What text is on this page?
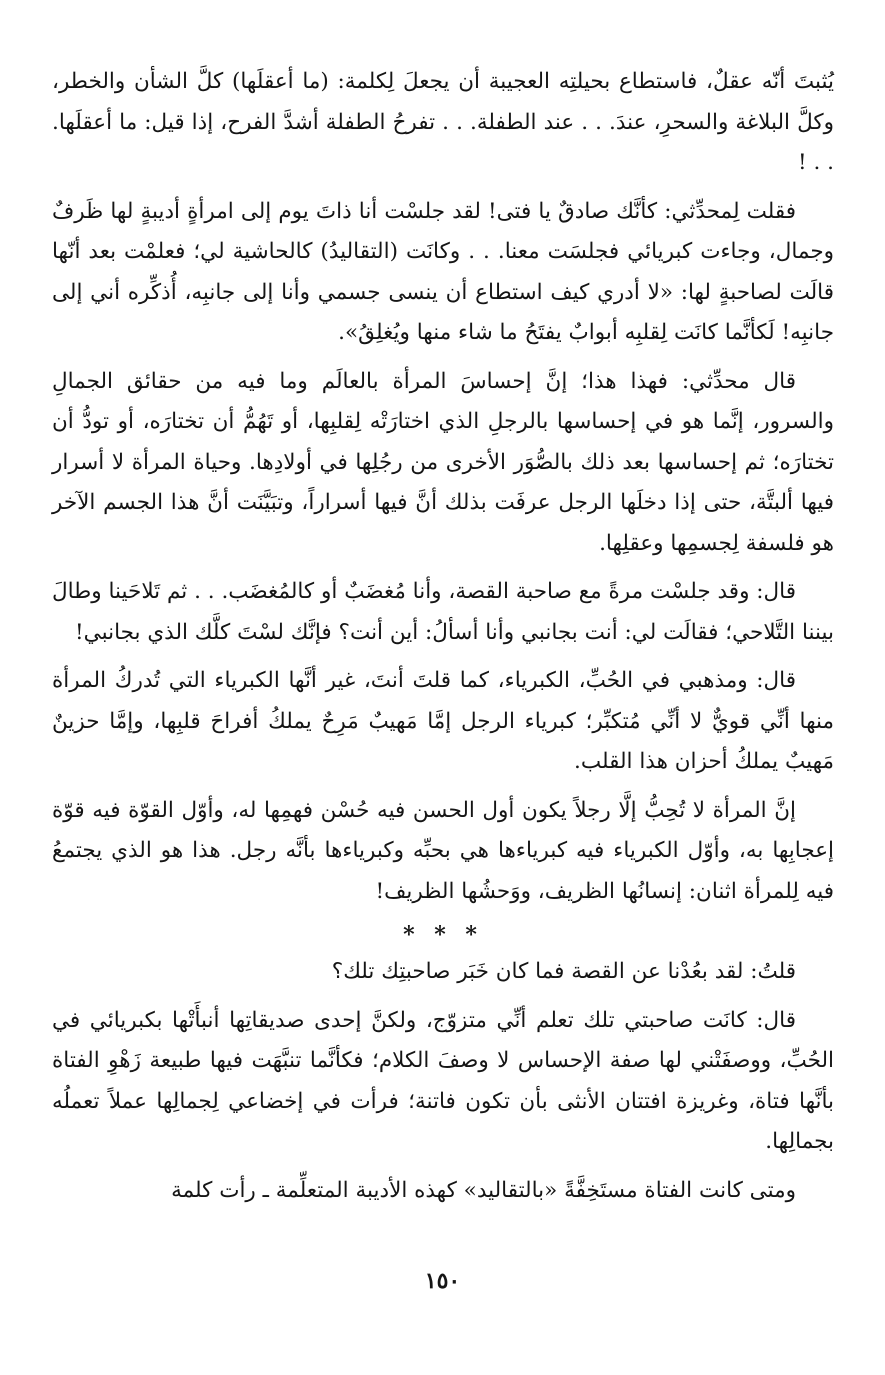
يُثبتَ أنّه عقلٌ، فاستطاع بحيلتِه العجيبة أن يجعلَ لِكلمة: (ما أعقلَها) كلَّ الشأن والخطر، وكلَّ البلاغة والسحرِ، عندَ. . . عند الطفلة. . . تفرحُ الطفلة أشدَّ الفرح، إذا قيل: ما أعقلَها. . . !

فقلت لِمحدِّثي: كأنَّك صادقٌ يا فتى! لقد جلسْت أنا ذاتَ يوم إلى امرأةٍ أديبةٍ لها ظَرفٌ وجمال، وجاءت كبريائي فجلسَت معنا. . . وكانَت (التقاليدُ) كالحاشية لي؛ فعلمْت بعد أنّها قالَت لصاحبةٍ لها: «لا أدري كيف استطاع أن ينسى جسمي وأنا إلى جانبِه، أُذكِّره أني إلى جانبِه! لَكأنَّما كانَت لِقلبِه أبوابٌ يفتَحُ ما شاء منها ويُغلِقُ».

قال محدِّثي: فهذا هذا؛ إنَّ إحساسَ المرأة بالعالَم وما فيه من حقائق الجمالِ والسرور، إنَّما هو في إحساسها بالرجلِ الذي اختارَتْه لِقلبِها، أو تَهُمُّ أن تختارَه، أو تودُّ أن تختارَه؛ ثم إحساسها بعد ذلك بالصُّوَر الأخرى من رجُلِها في أولادِها. وحياة المرأة لا أسرار فيها ألبتَّة، حتى إذا دخلَها الرجل عرفَت بذلك أنَّ فيها أسراراً، وتبَيَّنَت أنَّ هذا الجسم الآخر هو فلسفة لِجسمِها وعقلِها.

قال: وقد جلسْت مرةً مع صاحبة القصة، وأنا مُغضَبٌ أو كالمُغضَب. . . ثم تَلاحَينا وطالَ بيننا التَّلاحي؛ فقالَت لي: أنت بجانبي وأنا أسألُ: أين أنت؟ فإنَّك لسْتَ كلَّك الذي بجانبي!

قال: ومذهبي في الحُبِّ، الكبرياء، كما قلتَ أنتَ، غير أنَّها الكبرياء التي تُدركُ المرأة منها أنِّي قويٌّ لا أنِّي مُتكبِّر؛ كبرياء الرجل إمَّا مَهيبٌ مَرِحٌ يملكُ أفراحَ قلبِها، وإمَّا حزينٌ مَهيبٌ يملكُ أحزان هذا القلب.

إنَّ المرأة لا تُحِبُّ إلَّا رجلاً يكون أول الحسن فيه حُسْن فهمِها له، وأوّل القوّة فيه قوّة إعجابِها به، وأوّل الكبرياء فيه كبرياءها هي بحبِّه وكبرياءها بأنَّه رجل. هذا هو الذي يجتمعُ فيه لِلمرأة اثنان: إنسانُها الظريف، ووَحشُها الظريف!

* * *

قلتُ: لقد بعُدْنا عن القصة فما كان خَبَر صاحبتِك تلك؟

قال: كانَت صاحبتي تلك تعلم أنِّي متزوّج، ولكنَّ إحدى صديقاتِها أنبأَتْها بكبريائي في الحُبِّ، ووصفَتْني لها صفة الإحساس لا وصفَ الكلام؛ فكأنَّما تنبَّهَت فيها طبيعة زَهْوِ الفتاة بأنَّها فتاة، وغريزة افتتان الأنثى بأن تكون فاتنة؛ فرأت في إخضاعي لِجمالِها عملاً تعملُه بجمالِها.

ومتى كانت الفتاة مستَخِفَّةً «بالتقاليد» كهذه الأديبة المتعلِّمة ـ رأت كلمة

١٥٠
